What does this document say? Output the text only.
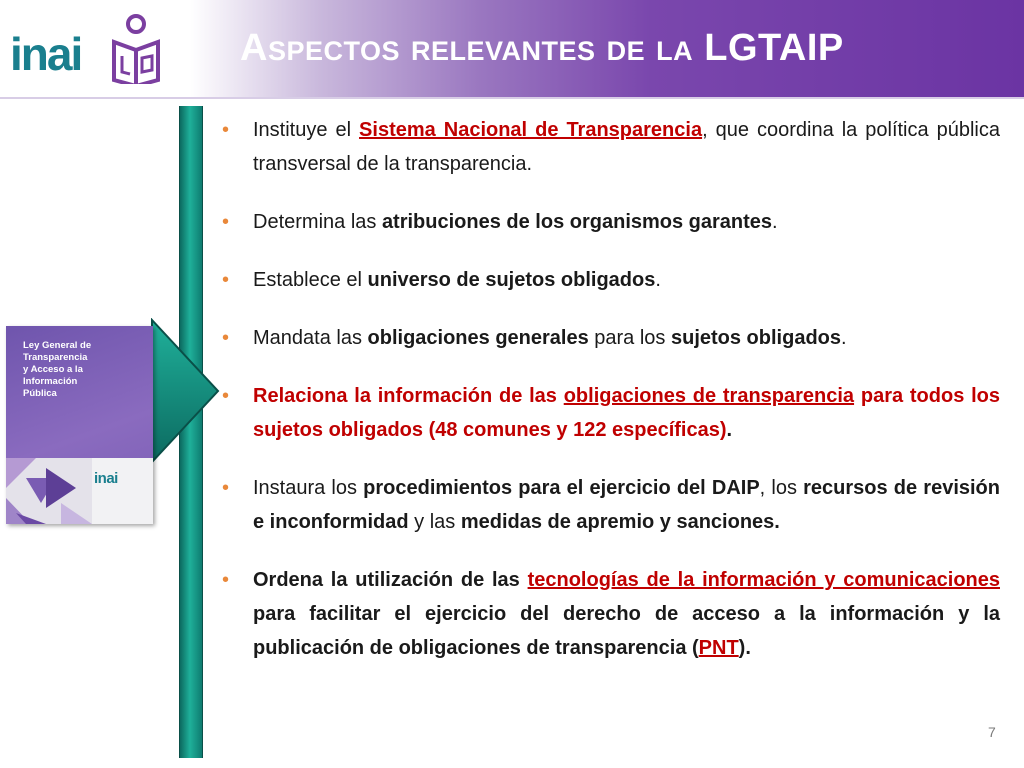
inai	Aspectos relevantes de la LGTAIP
Ley General de
Transparencia
y Acceso a la
Información
Pública
inai
• Instituye el Sistema Nacional de Transparencia, que coordina la política pública transversal de la transparencia.
• Determina las atribuciones de los organismos garantes.
• Establece el universo de sujetos obligados.
• Mandata las obligaciones generales para los sujetos obligados.
• Relaciona la información de las obligaciones de transparencia para todos los sujetos obligados (48 comunes y 122 específicas).
• Instaura los procedimientos para el ejercicio del DAIP, los recursos de revisión e inconformidad y las medidas de apremio y sanciones.
• Ordena la utilización de las tecnologías de la información y comunicaciones para facilitar el ejercicio del derecho de acceso a la información y la publicación de obligaciones de transparencia (PNT).
7
